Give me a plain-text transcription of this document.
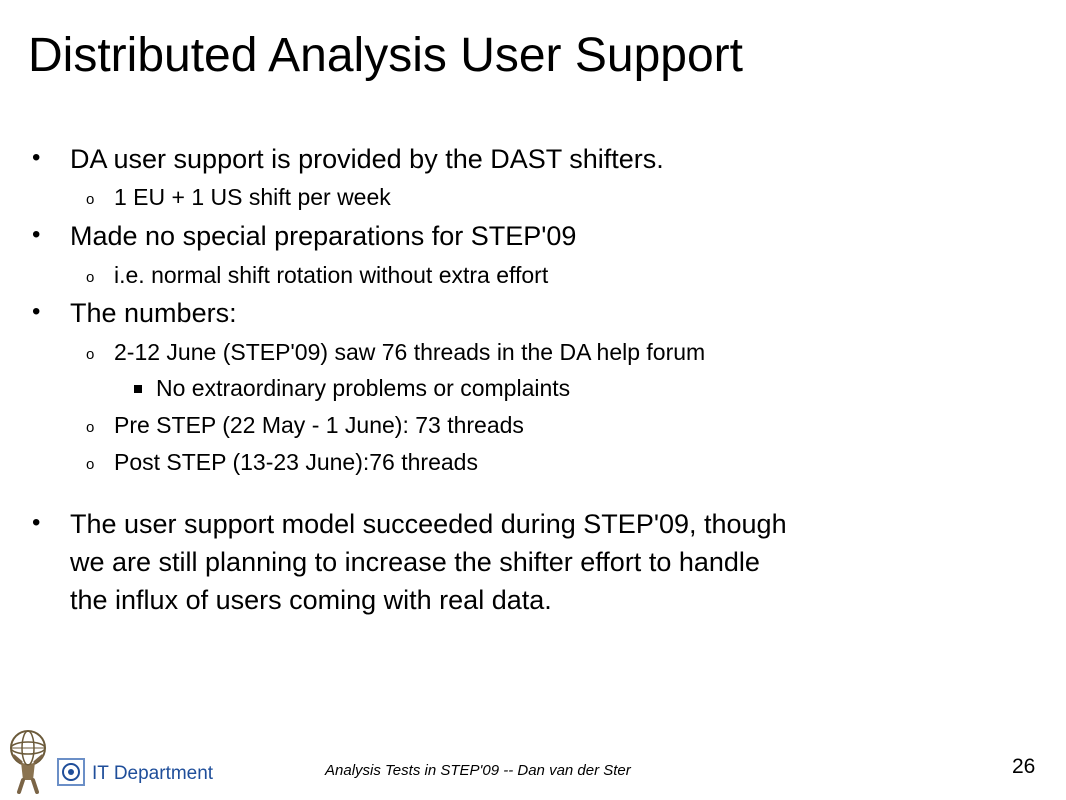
Distributed Analysis User Support
• DA user support is provided by the DAST shifters.
o 1 EU + 1 US shift per week
• Made no special preparations for STEP'09
o i.e. normal shift rotation without extra effort
• The numbers:
o 2-12 June (STEP'09) saw 76 threads in the DA help forum
No extraordinary problems or complaints
o Pre STEP (22 May - 1 June): 73 threads
o Post STEP (13-23 June):76 threads
• The user support model succeeded during STEP'09, though
we are still planning to increase the shifter effort to handle
the influx of users coming with real data.
IT Department	Analysis Tests in STEP'09 -- Dan van der Ster	26
